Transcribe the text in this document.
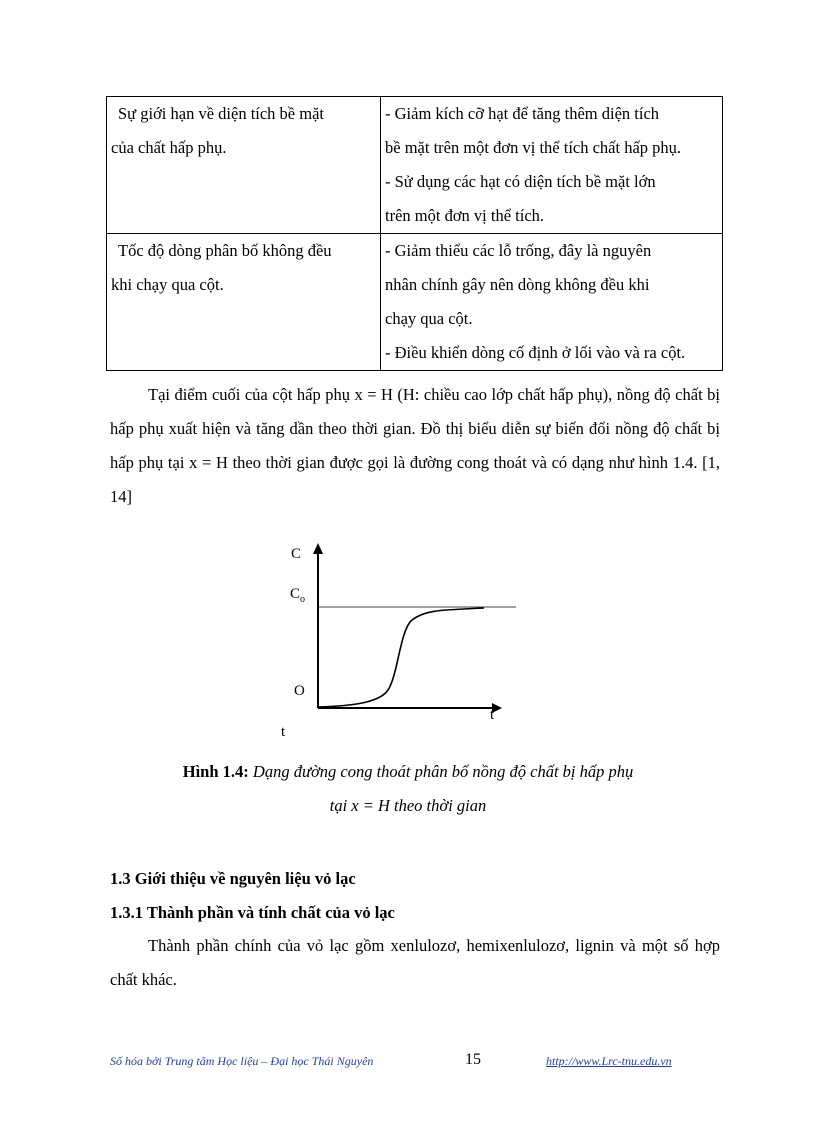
Sự giới hạn về diện tích bề mặt
của chất hấp phụ.	- Giảm kích cỡ hạt để tăng thêm diện tích
bề mặt trên một đơn vị thể tích chất hấp phụ.
- Sử dụng các hạt có diện tích bề mặt lớn
trên một đơn vị thể tích.

Tốc độ dòng phân bố không đều
khi chạy qua cột.	- Giảm thiểu các lỗ trống, đây là nguyên
nhân chính gây nên dòng không đều khi
chạy qua cột.
- Điều khiển dòng cố định ở lối vào và ra cột.

Tại điểm cuối của cột hấp phụ x = H (H: chiều cao lớp chất hấp phụ), nồng độ chất bị hấp phụ xuất hiện và tăng dần theo thời gian. Đồ thị biểu diễn sự biến đổi nồng độ chất bị hấp phụ tại x = H theo thời gian được gọi là đường cong thoát và có dạng như hình 1.4. [1, 14]

C
$C_o$
O
t
t

Hình 1.4: Dạng đường cong thoát phân bố nồng độ chất bị hấp phụ

tại x = H theo thời gian

1.3 Giới thiệu về nguyên liệu vỏ lạc

1.3.1 Thành phần và tính chất của vỏ lạc

Thành phần chính của vỏ lạc gồm xenlulozơ, hemixenlulozơ, lignin và một số hợp chất khác.

Số hóa bởi Trung tâm Học liệu – Đại học Thái Nguyên	15	http://www.Lrc-tnu.edu.vn
